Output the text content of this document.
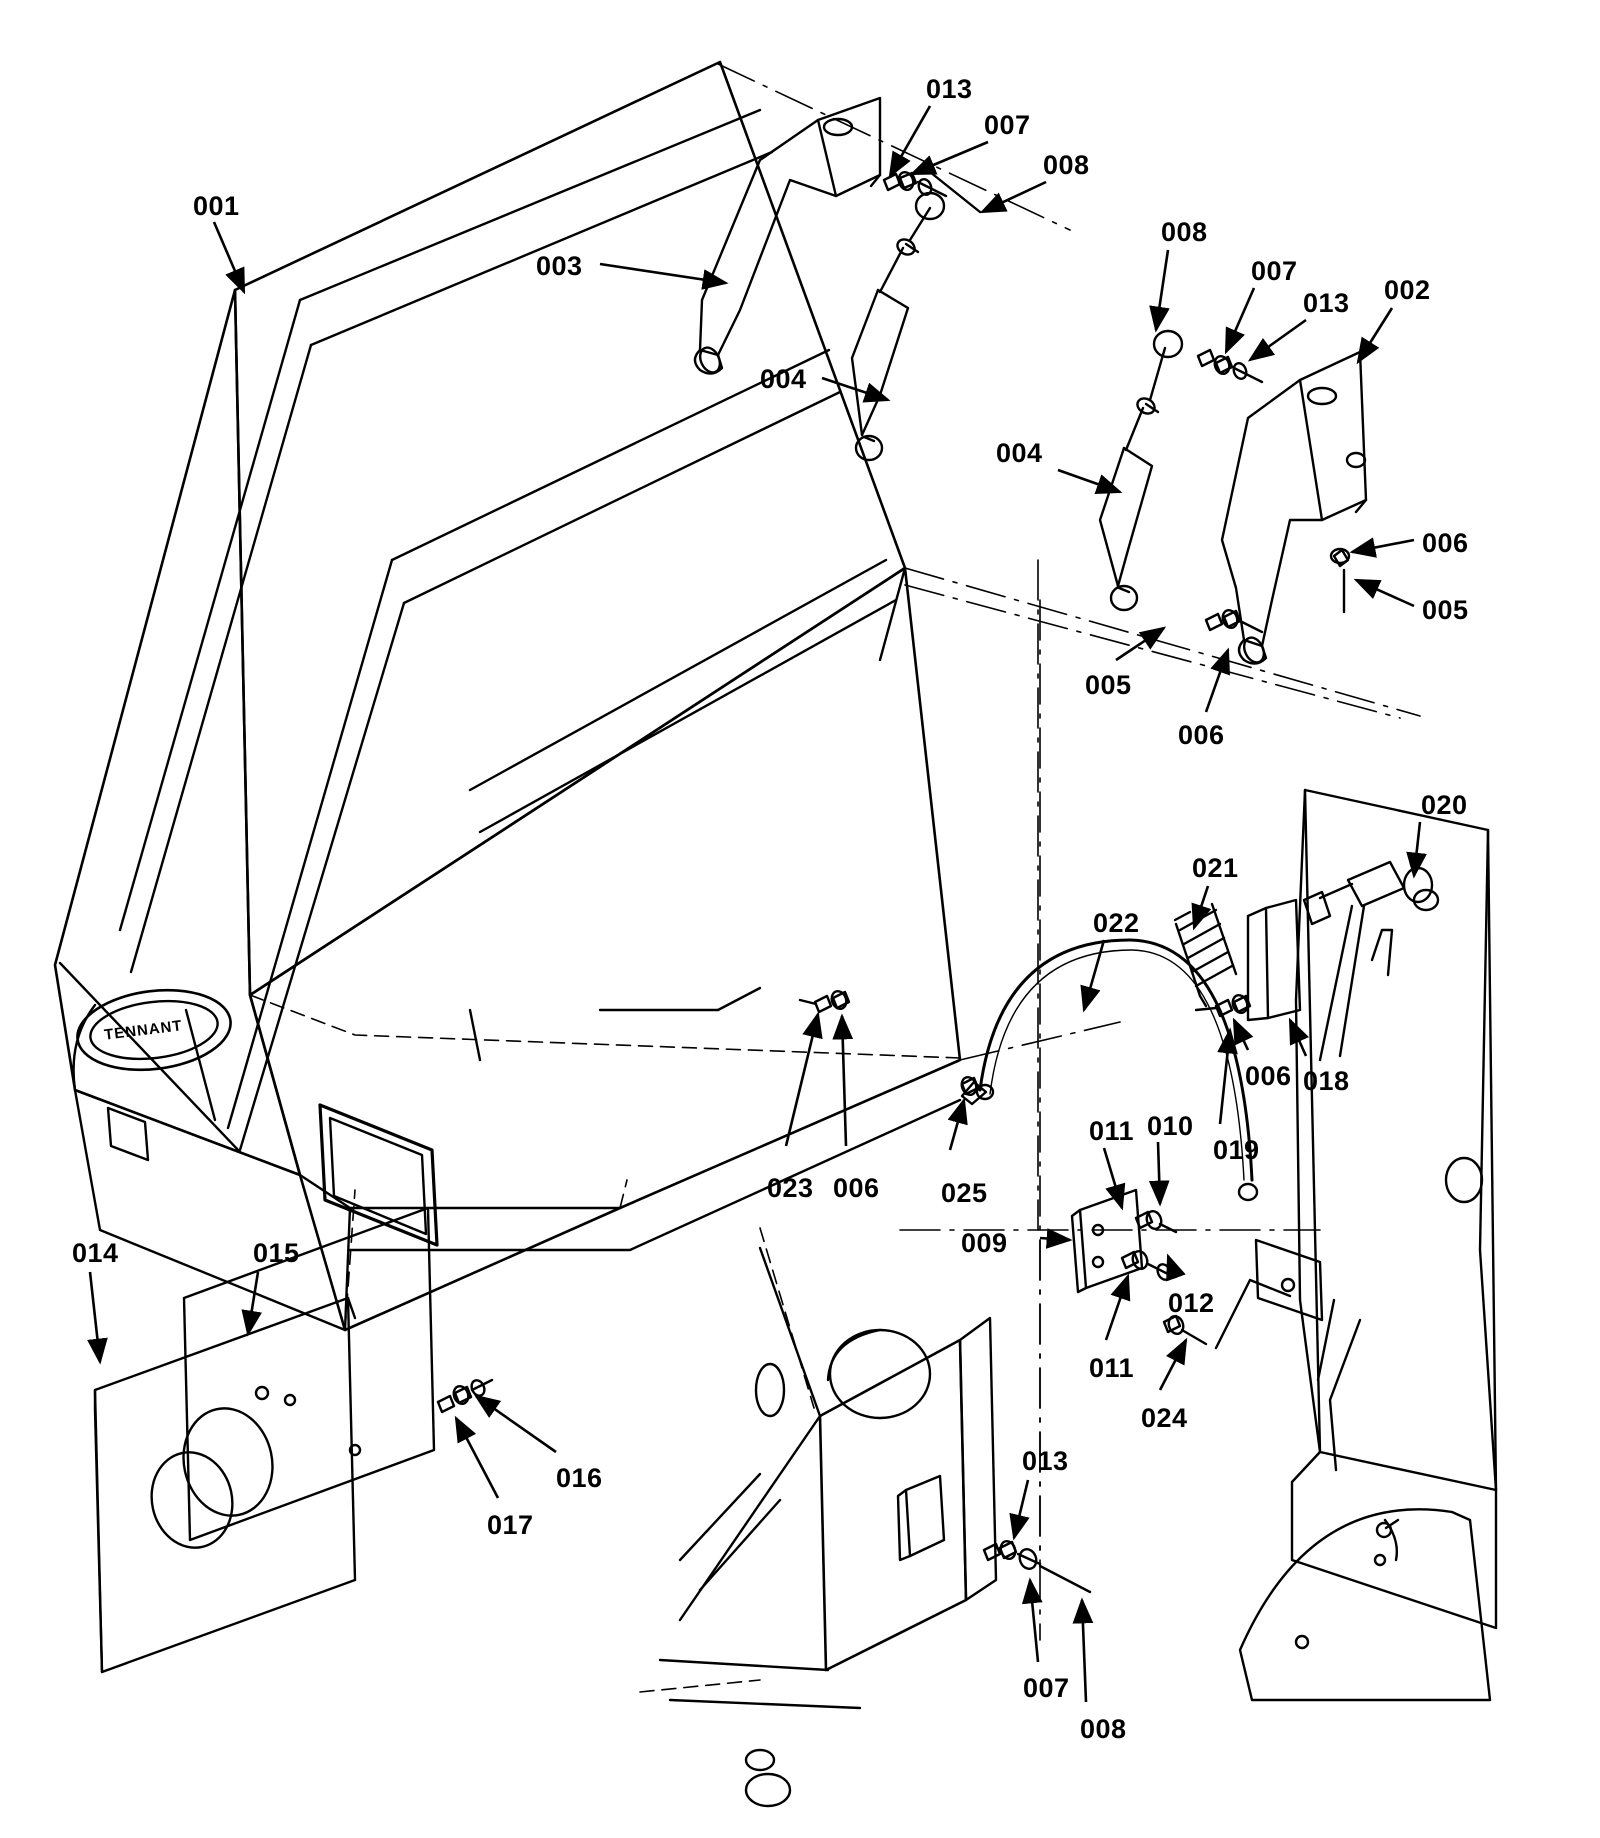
TENNANT
001
003
013
007
008
004
008
007
013 002
004
006
005
005
006
020
021
022
006 018
019
023 006 025
011 010
009
012
011
024
014	015
016
017
013
007
008
